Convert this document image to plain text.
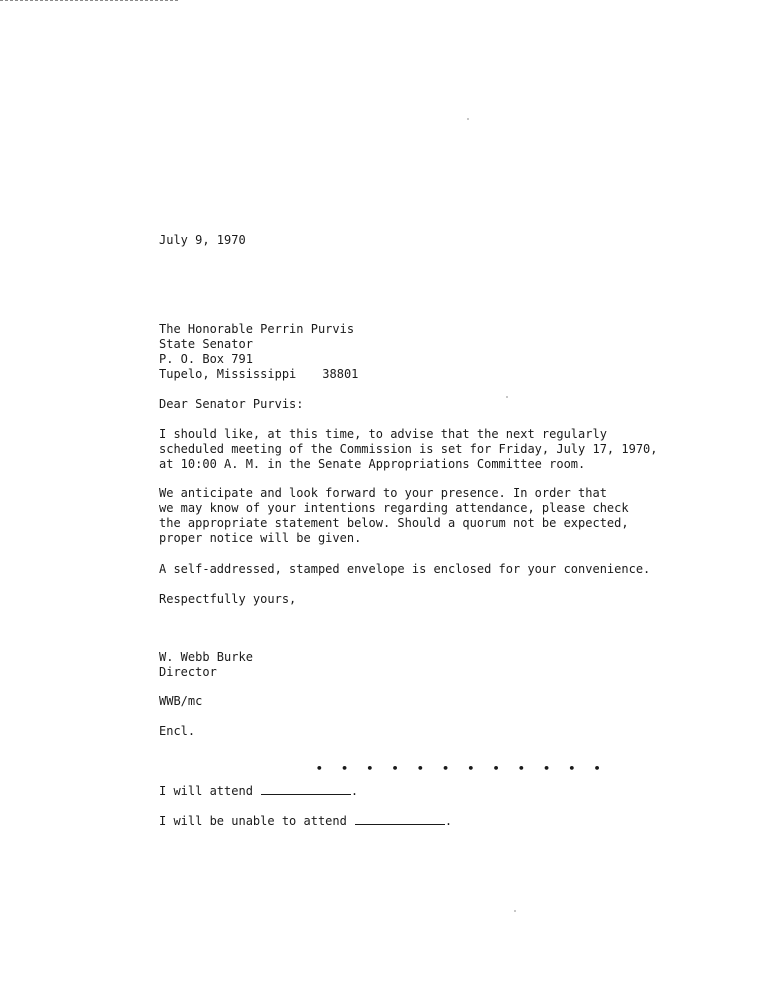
July 9, 1970
The Honorable Perrin Purvis
State Senator
P. O. Box 791
Tupelo, Mississippi 38801
Dear Senator Purvis:
I should like, at this time, to advise that the next regularly
scheduled meeting of the Commission is set for Friday, July 17, 1970,
at 10:00 A. M. in the Senate Appropriations Committee room.
We anticipate and look forward to your presence. In order that
we may know of your intentions regarding attendance, please check
the appropriate statement below. Should a quorum not be expected,
proper notice will be given.
A self-addressed, stamped envelope is enclosed for your convenience.
Respectfully yours,
W. Webb Burke
Director
WWB/mc
Encl.
• • • • • • • • • • • •
I will attend	.
I will be unable to attend	.
